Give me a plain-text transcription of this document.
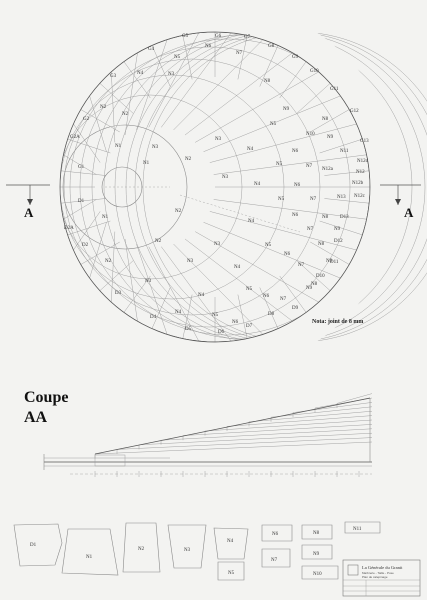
G1
G2
G2A
G3
G4
G5	G6	G7
G8
G9
G10
G11
G12
G13
N1
N2
N3
N4
N5
N6
N7
N8
N9
N10
N11
N12
N12a
N12b
N12c
N12d
N13
D1
D2
D2A
D3
D4
D5
D6
D7
D8
D9
D10
D11
D12
D13
N1
N1
N2
N2
N2
N2
N2
N3
N3
N3
N3
N3
N3
N4
N4
N4
N4
N4
N4
N5
N5
N5
N5
N5
N5
N6
N6
N6
N6
N6
N6
N7
N7
N7
N7
N7
N8
N8
N8
N8
N9
N9
N9
N9
A	A
Nota: joint de 8 mm
Coupe
AA
D1
N1
N2	N3
N4
N5
N6
N7
N8
N9
N10
N11
La Générale du Granit
Marbrerie - Taille - Pose
Plan de calepinage
